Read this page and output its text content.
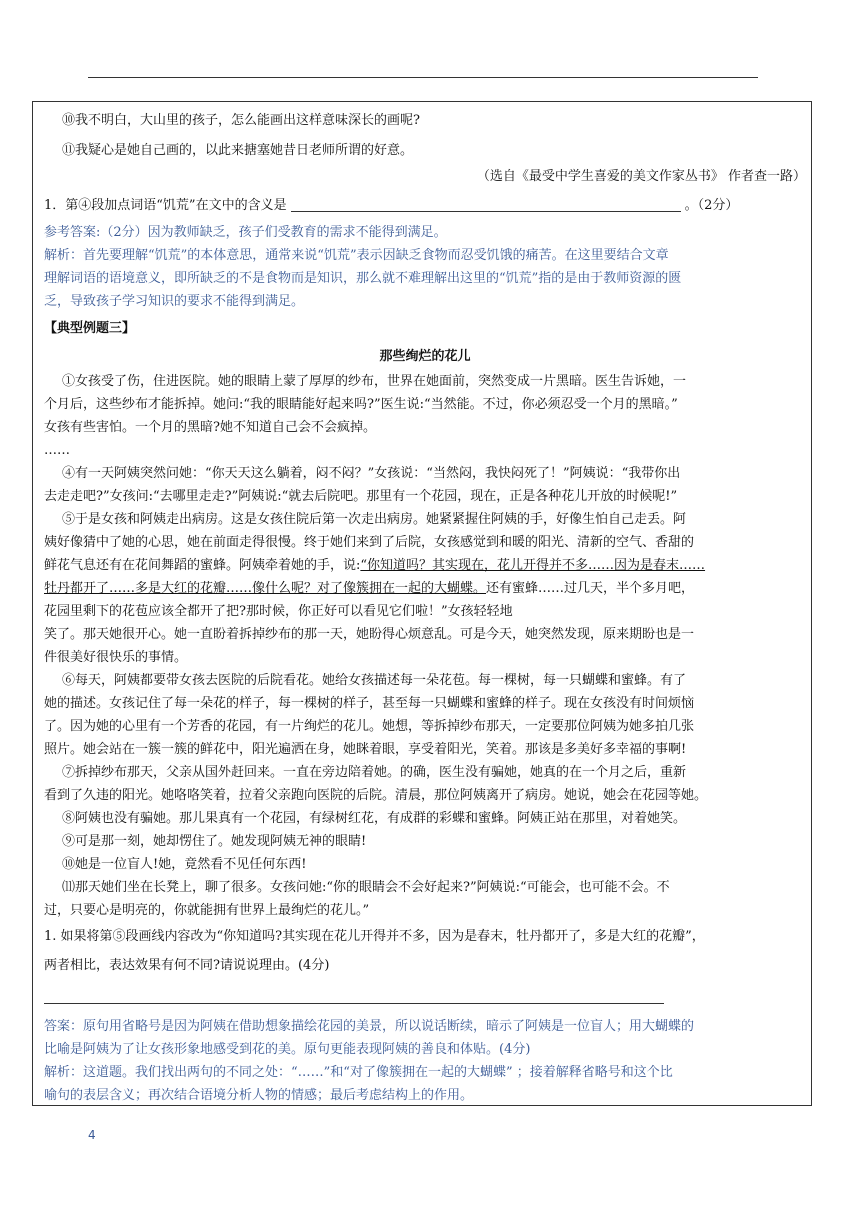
⑩我不明白，大山里的孩子，怎么能画出这样意味深长的画呢?
⑪我疑心是她自己画的，以此来搪塞她昔日老师所谓的好意。
（选自《最受中学生喜爱的美文作家丛书》 作者查一路）
1．第④段加点词语“饥荒”在文中的含义是	。（2分）
参考答案:（2分）因为教师缺乏，孩子们受教育的需求不能得到满足。
解析：首先要理解“饥荒”的本体意思，通常来说“饥荒”表示因缺乏食物而忍受饥饿的痛苦。在这里要结合文章
理解词语的语境意义，即所缺乏的不是食物而是知识，那么就不难理解出这里的“饥荒”指的是由于教师资源的匮
乏，导致孩子学习知识的要求不能得到满足。
【典型例题三】
那些绚烂的花儿
①女孩受了伤，住进医院。她的眼睛上蒙了厚厚的纱布，世界在她面前，突然变成一片黑暗。医生告诉她，一
个月后，这些纱布才能拆掉。她问:“我的眼睛能好起来吗?”医生说:“当然能。不过，你必须忍受一个月的黑暗。”
女孩有些害怕。一个月的黑暗?她不知道自己会不会疯掉。
……
④有一天阿姨突然问她：“你天天这么躺着，闷不闷？”女孩说：“当然闷，我快闷死了！”阿姨说：“我带你出
去走走吧?”女孩问:“去哪里走走?”阿姨说:“就去后院吧。那里有一个花园，现在，正是各种花儿开放的时候呢!”
⑤于是女孩和阿姨走出病房。这是女孩住院后第一次走出病房。她紧紧握住阿姨的手，好像生怕自己走丢。阿
姨好像猜中了她的心思，她在前面走得很慢。终于她们来到了后院，女孩感觉到和暖的阳光、清新的空气、香甜的
鲜花气息还有在花间舞蹈的蜜蜂。阿姨牵着她的手，说:“你知道吗？其实现在，花儿开得并不多……因为是春末……
牡丹都开了……多是大红的花瓣……像什么呢？对了像簇拥在一起的大蝴蝶。还有蜜蜂……过几天，半个多月吧，
花园里剩下的花苞应该全都开了把?那时候，你正好可以看见它们啦！”女孩轻轻地
笑了。那天她很开心。她一直盼着拆掉纱布的那一天，她盼得心烦意乱。可是今天，她突然发现，原来期盼也是一
件很美好很快乐的事情。
⑥每天，阿姨都要带女孩去医院的后院看花。她给女孩描述每一朵花苞。每一棵树，每一只蝴蝶和蜜蜂。有了
她的描述。女孩记住了每一朵花的样子，每一棵树的样子，甚至每一只蝴蝶和蜜蜂的样子。现在女孩没有时间烦恼
了。因为她的心里有一个芳香的花园，有一片绚烂的花儿。她想，等拆掉纱布那天，一定要那位阿姨为她多拍几张
照片。她会站在一簇一簇的鲜花中，阳光遍洒在身，她眯着眼，享受着阳光，笑着。那该是多美好多幸福的事啊!
⑦拆掉纱布那天，父亲从国外赶回来。一直在旁边陪着她。的确，医生没有骗她，她真的在一个月之后，重新
看到了久违的阳光。她咯咯笑着，拉着父亲跑向医院的后院。清晨，那位阿姨离开了病房。她说，她会在花园等她。
⑧阿姨也没有骗她。那儿果真有一个花园，有绿树红花，有成群的彩蝶和蜜蜂。阿姨正站在那里，对着她笑。
⑨可是那一刻，她却愣住了。她发现阿姨无神的眼睛!
⑩她是一位盲人!她，竟然看不见任何东西!
⑾那天她们坐在长凳上，聊了很多。女孩问她:“你的眼睛会不会好起来?”阿姨说:“可能会，也可能不会。不
过，只要心是明亮的，你就能拥有世界上最绚烂的花儿。”
1. 如果将第⑤段画线内容改为“你知道吗?其实现在花儿开得并不多，因为是春末，牡丹都开了，多是大红的花瓣”，
两者相比，表达效果有何不同?请说说理由。(4分)
答案：原句用省略号是因为阿姨在借助想象描绘花园的美景，所以说话断续，暗示了阿姨是一位盲人；用大蝴蝶的
比喻是阿姨为了让女孩形象地感受到花的美。原句更能表现阿姨的善良和体贴。(4分)
解析：这道题。我们找出两句的不同之处：“……”和“对了像簇拥在一起的大蝴蝶” ；接着解释省略号和这个比
喻句的表层含义；再次结合语境分析人物的情感；最后考虑结构上的作用。
4
